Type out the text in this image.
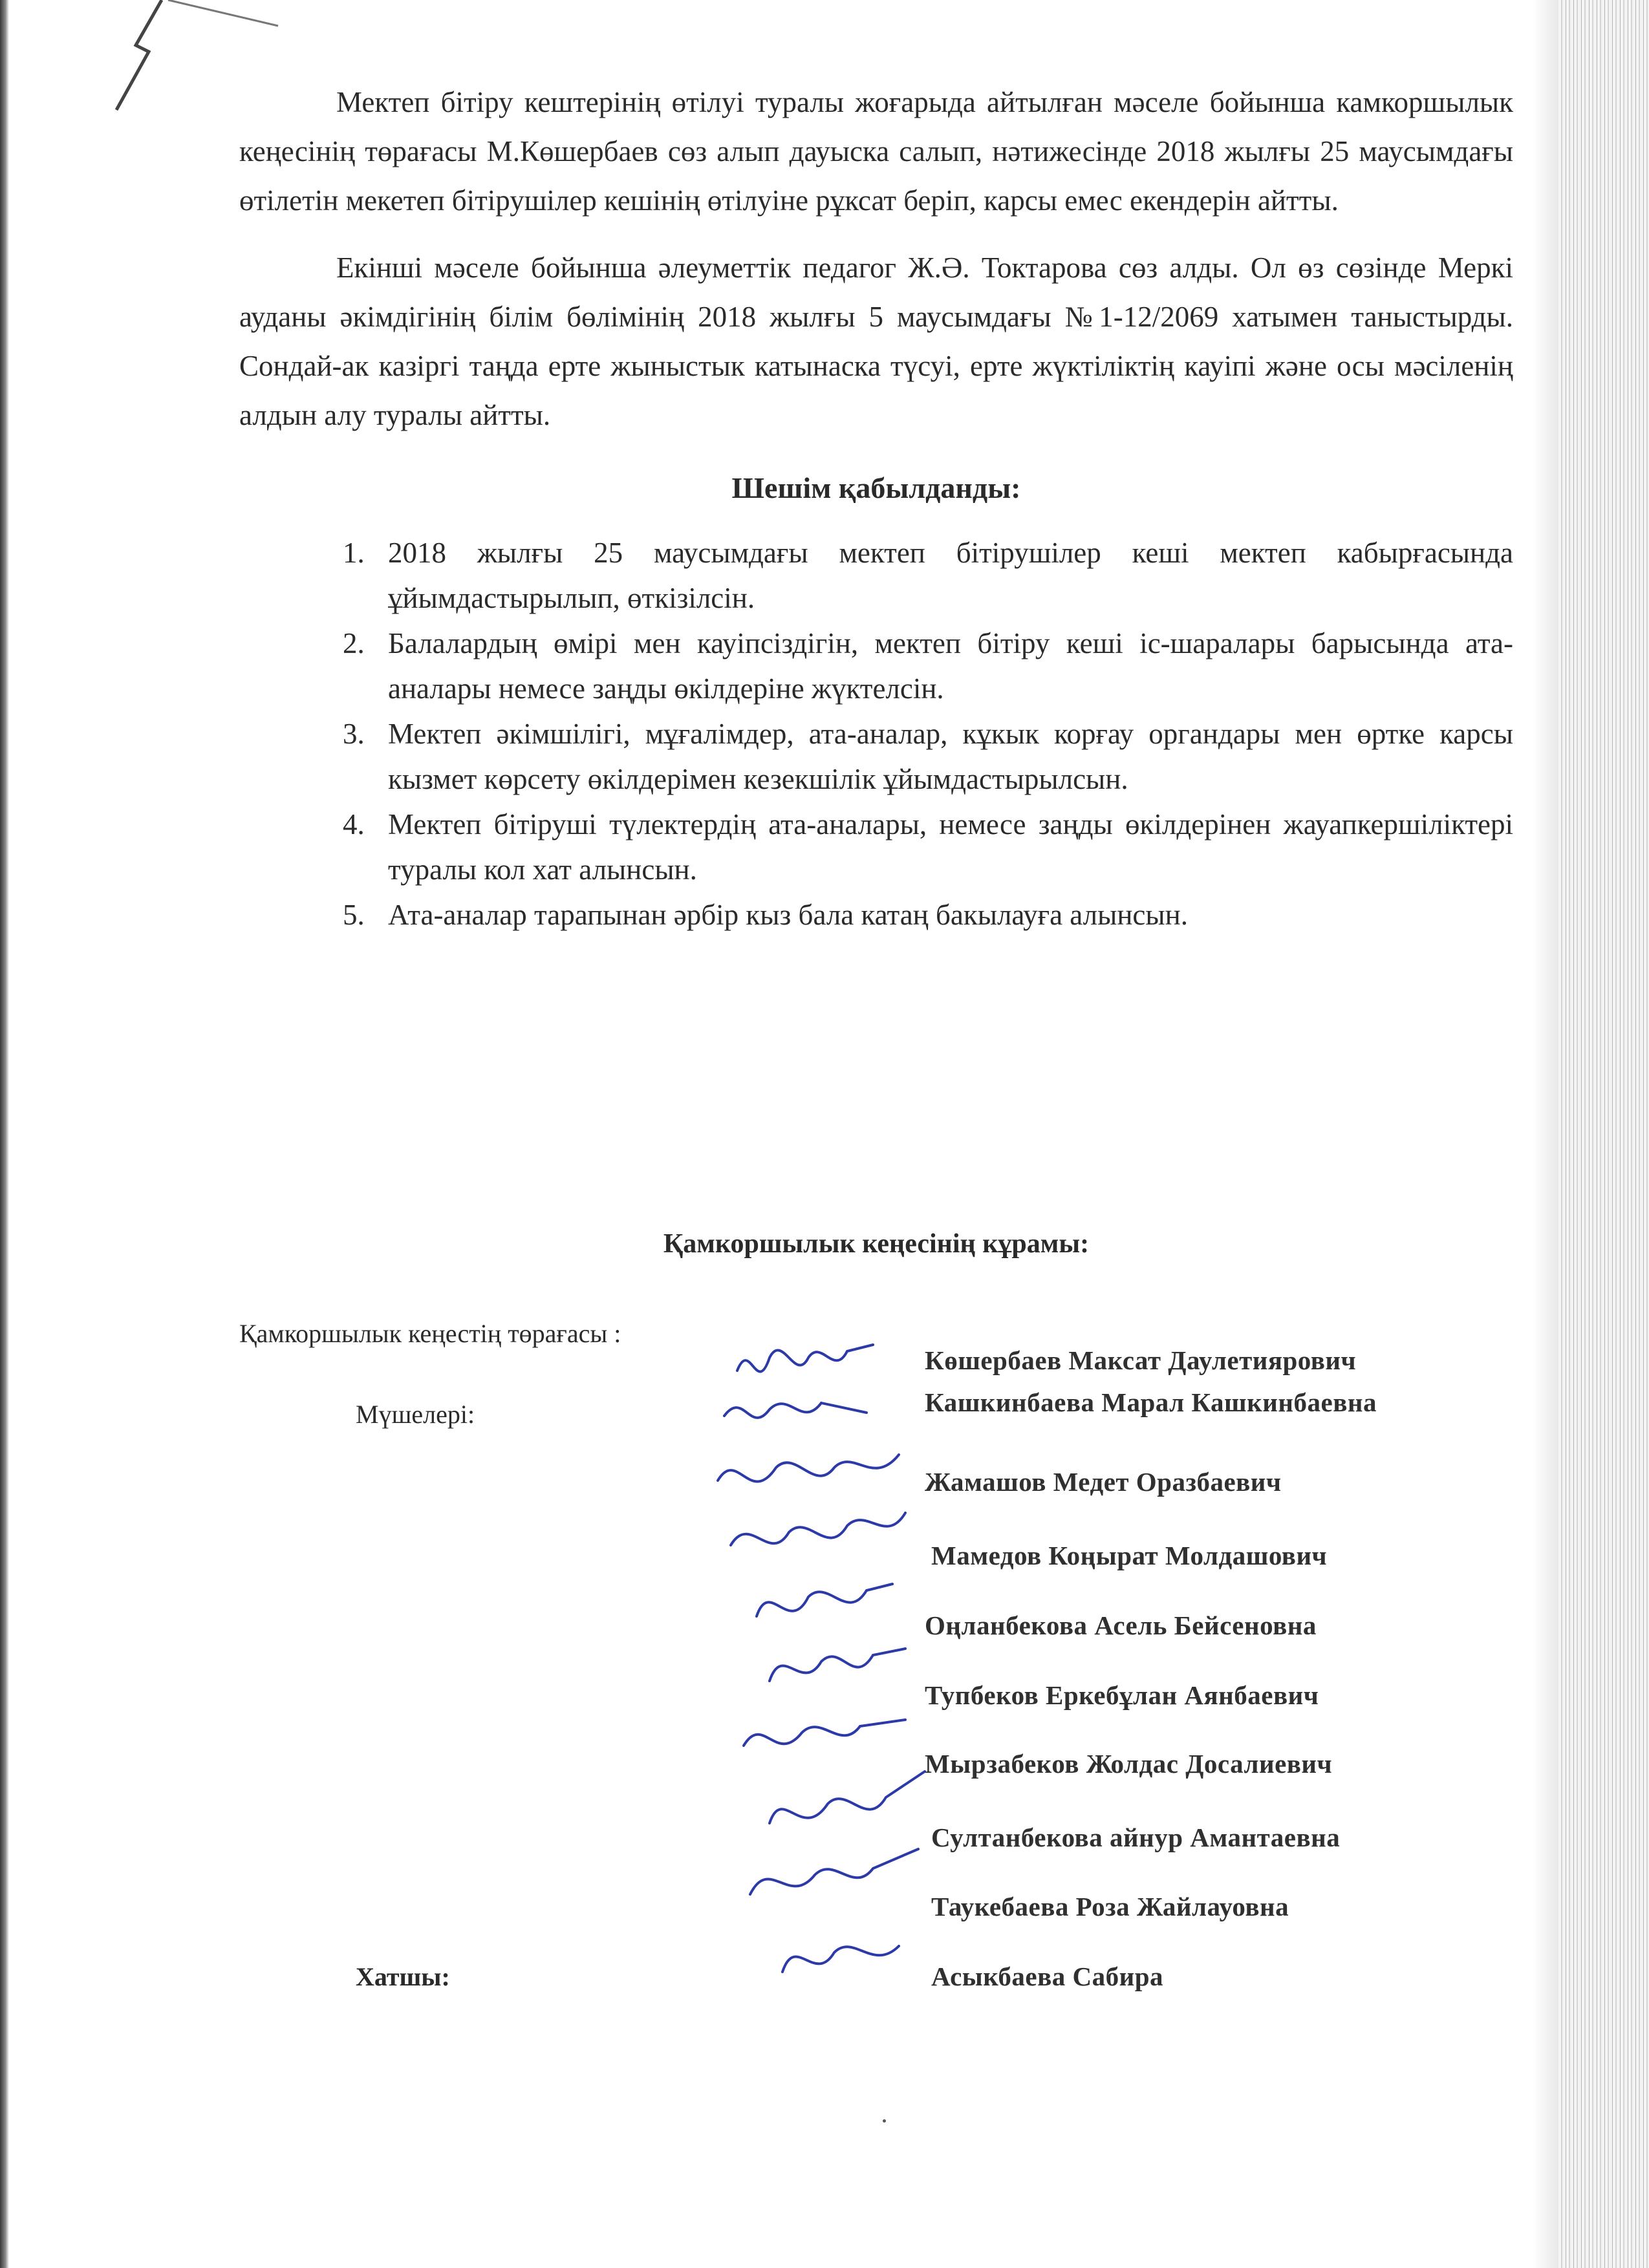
Мектеп бітіру кештерінің өтілуі туралы жоғарыда айтылған мәселе бойынша камкоршылык кеңесінің төрағасы М.Көшербаев сөз алып дауыска салып, нәтижесінде 2018 жылғы 25 маусымдағы өтілетін мекетеп бітірушілер кешінің өтілуіне рұксат беріп, карсы емес екендерін айтты.

Екінші мәселе бойынша әлеуметтік педагог Ж.Ә. Токтарова сөз алды. Ол өз сөзінде Меркі ауданы әкімдігінің білім бөлімінің 2018 жылғы 5 маусымдағы №1-12/2069 хатымен таныстырды. Сондай-ак казіргі таңда ерте жыныстык катынаска түсуі, ерте жүктіліктің кауіпі және осы мәсіленің алдын алу туралы айтты.

Шешім қабылданды:
1. 2018 жылғы 25 маусымдағы мектеп бітірушілер кеші мектеп кабырғасында ұйымдастырылып, өткізілсін.
2. Балалардың өмірі мен кауіпсіздігін, мектеп бітіру кеші іс-шаралары барысында ата-аналары немесе заңды өкілдеріне жүктелсін.
3. Мектеп әкімшілігі, мұғалімдер, ата-аналар, кұкык корғау органдары мен өртке карсы кызмет көрсету өкілдерімен кезекшілік ұйымдастырылсын.
4. Мектеп бітіруші түлектердің ата-аналары, немесе заңды өкілдерінен жауапкершіліктері туралы кол хат алынсын.
5. Ата-аналар тарапынан әрбір кыз бала катаң бакылауға алынсын.
Қамкоршылык кеңесінің кұрамы:
Қамкоршылык кеңестің төрағасы :
Мүшелері:
Хатшы:
Көшербаев Максат Даулетиярович
Кашкинбаева Марал Кашкинбаевна
Жамашов Медет Оразбаевич
Мамедов Коңырат Молдашович
Оңланбекова Асель Бейсеновна
Тупбеков Еркебұлан Аянбаевич
Мырзабеков Жолдас Досалиевич
Султанбекова айнур Амантаевна
Таукебаева Роза Жайлауовна
Асыкбаева Сабира
